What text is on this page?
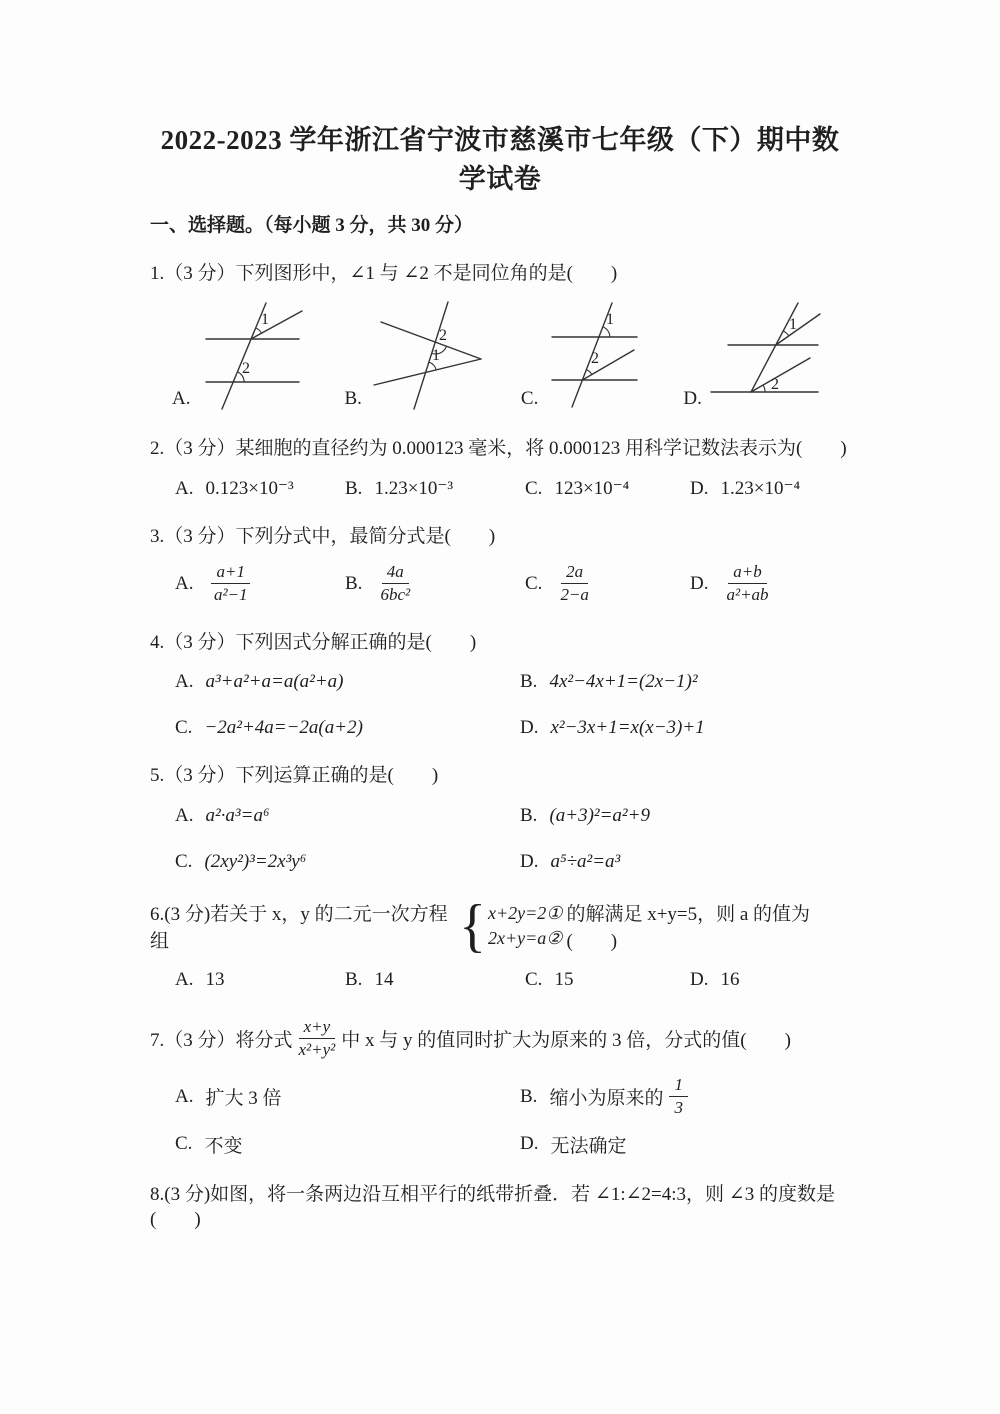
2022-2023 学年浙江省宁波市慈溪市七年级（下）期中数学试卷
一、选择题。（每小题 3 分，共 30 分）

1.（3 分）下列图形中，∠1 与 ∠2 不是同位角的是(　　)

A.
1
2
B.
2
1
C.
1
2
D.
1
2

2.（3 分）某细胞的直径约为 0.000123 毫米，将 0.000123 用科学记数法表示为(　　)

A. 0.123×10⁻³	B. 1.23×10⁻³	C. 123×10⁻⁴	D. 1.23×10⁻⁴

3.（3 分）下列分式中，最简分式是(　　)

A. $\frac{a+1}{\text{a²−1}}$	B. $\frac{4a}{\text{6bc²}}$	C. $\frac{2a}{2-a}$	D. $\frac{a+b}{\text{a²+ab}}$

4.（3 分）下列因式分解正确的是(　　)

A. a³+a²+a=a(a²+a)	B. 4x²−4x+1=(2x−1)²
C. −2a²+4a=−2a(a+2)	D. x²−3x+1=x(x−3)+1

5.（3 分）下列运算正确的是(　　)

A. a²·a³=a⁶	B. (a+3)²=a²+9
C. (2xy²)³=2x³y⁶	D. a⁵÷a²=a³
6.(3 分)若关于 x，y 的二元一次方程组	{ x+2y=2①
2x+y=a②
的解满足 x+y=5，则 a 的值为(　　)
A. 13	B. 14	C. 15	D. 16
7.（3 分）将分式 $\frac{x+y}{\text{x²+y²}}$ 中 x 与 y 的值同时扩大为原来的 3 倍，分式的值(　　)
A. 扩大 3 倍	B. 缩小为原来的 $\frac{1}{3}$
C. 不变	D. 无法确定

8.(3 分)如图，将一条两边沿互相平行的纸带折叠．若 ∠1:∠2=4:3，则 ∠3 的度数是(　　)
